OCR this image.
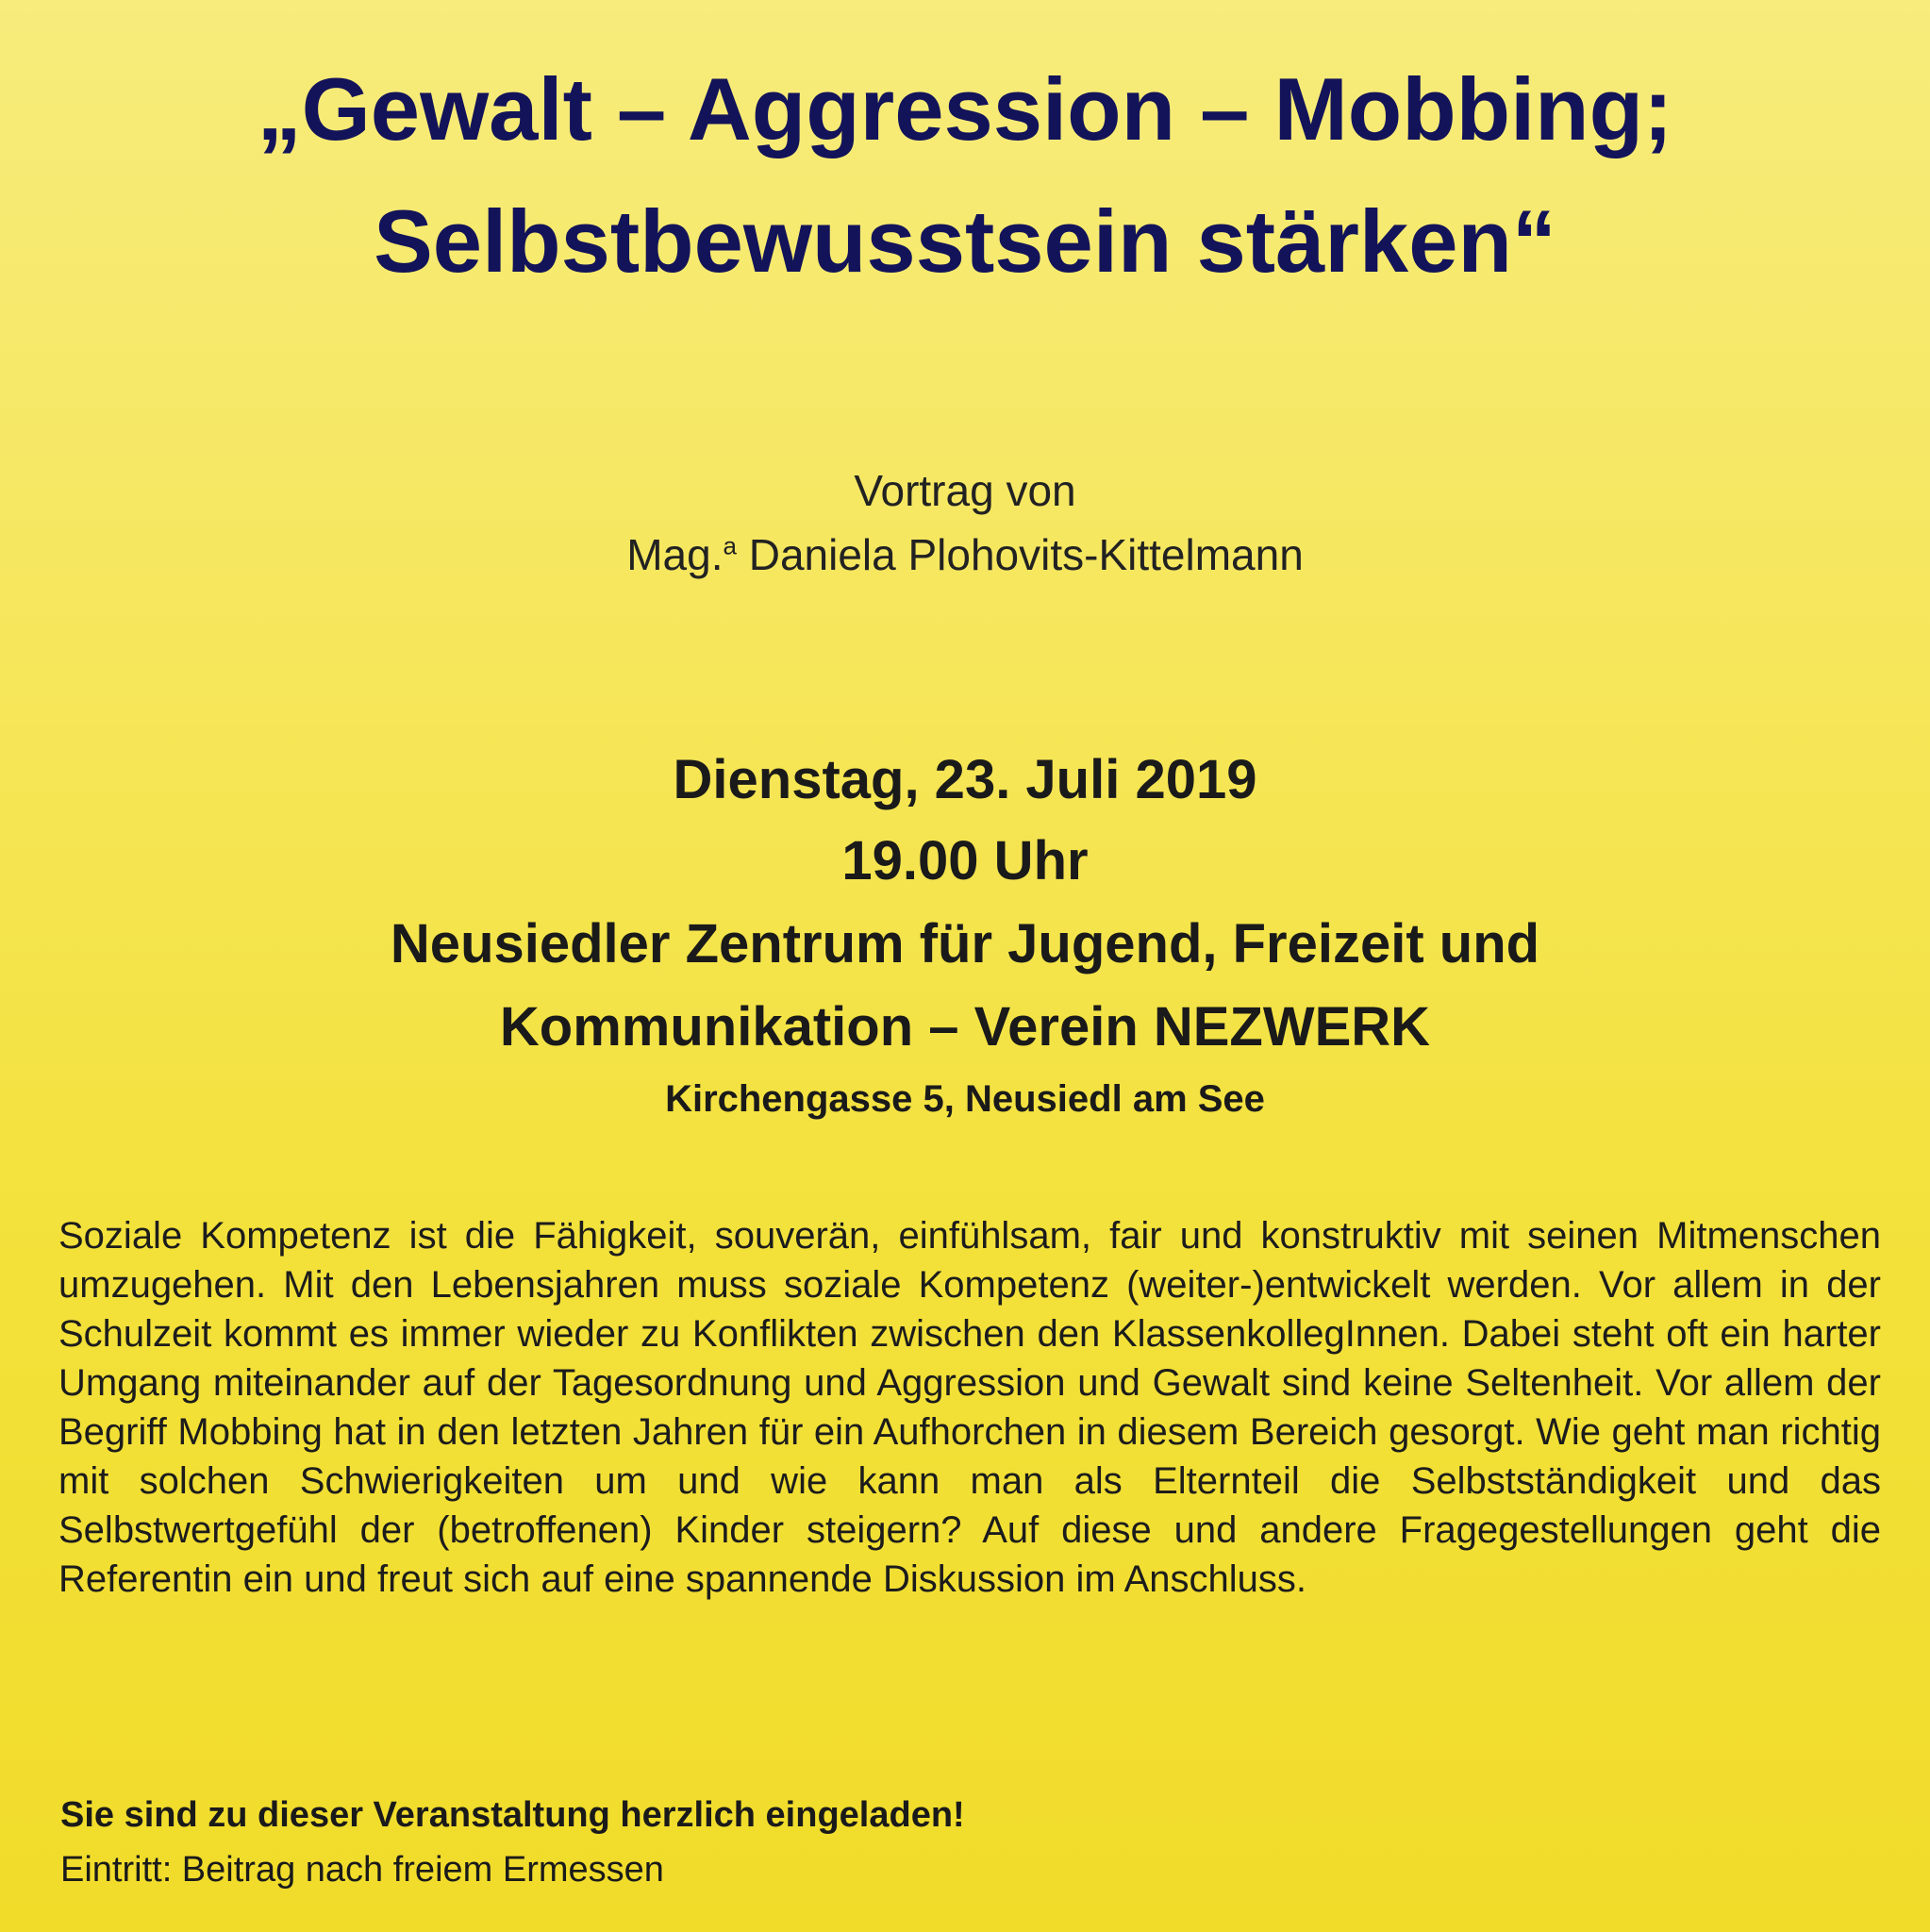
„Gewalt – Aggression – Mobbing;
Selbstbewusstsein stärken“

Vortrag von

Mag.$^a$ Daniela Plohovits-Kittelmann

Dienstag, 23. Juli 2019

19.00 Uhr

Neusiedler Zentrum für Jugend, Freizeit und

Kommunikation – Verein NEZWERK

Kirchengasse 5, Neusiedl am See

Soziale Kompetenz ist die Fähigkeit, souverän, einfühlsam, fair und konstruktiv mit seinen Mitmenschen umzugehen. Mit den Lebensjahren muss soziale Kompetenz (weiter-)entwickelt werden. Vor allem in der Schulzeit kommt es immer wieder zu Konflikten zwischen den KlassenkollegInnen. Dabei steht oft ein harter Umgang miteinander auf der Tagesordnung und Aggression und Gewalt sind keine Seltenheit. Vor allem der Begriff Mobbing hat in den letzten Jahren für ein Aufhorchen in diesem Bereich gesorgt. Wie geht man richtig mit solchen Schwierigkeiten um und wie kann man als Elternteil die Selbstständigkeit und das Selbstwertgefühl der (betroffenen) Kinder steigern? Auf diese und andere Fragegestellungen geht die Referentin ein und freut sich auf eine spannende Diskussion im Anschluss.

Sie sind zu dieser Veranstaltung herzlich eingeladen!

Eintritt: Beitrag nach freiem Ermessen
